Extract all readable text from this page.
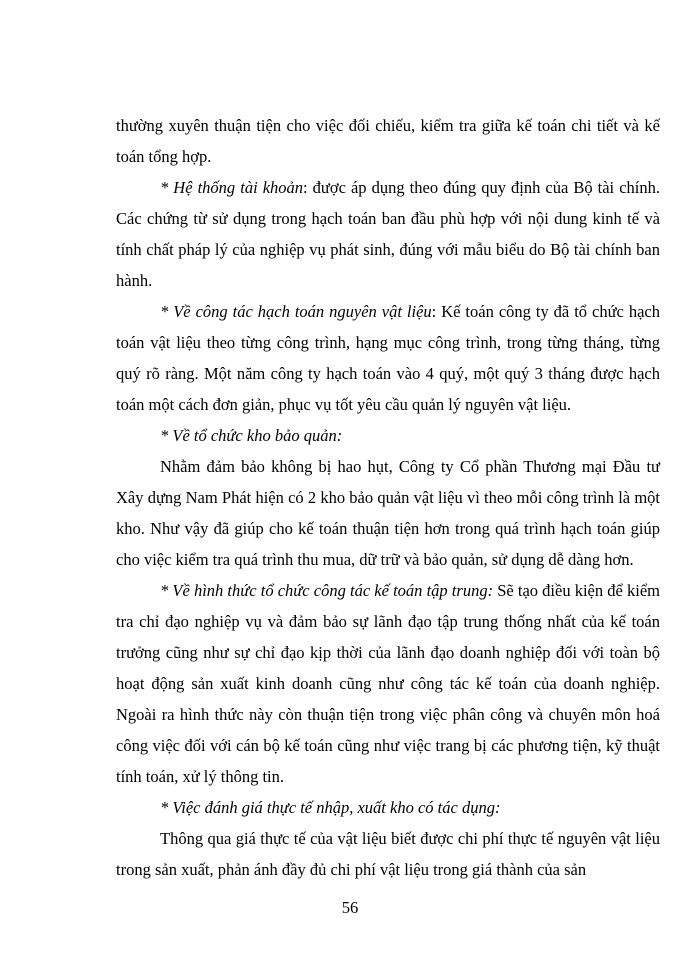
thường xuyên thuận tiện cho việc đối chiếu, kiểm tra giữa kế toán chi tiết và kế toán tổng hợp.

* Hệ thống tài khoản: được áp dụng theo đúng quy định của Bộ tài chính. Các chứng từ sử dụng trong hạch toán ban đầu phù hợp với nội dung kinh tế và tính chất pháp lý của nghiệp vụ phát sinh, đúng với mẫu biểu do Bộ tài chính ban hành.

* Về công tác hạch toán nguyên vật liệu: Kế toán công ty đã tổ chức hạch toán vật liệu theo từng công trình, hạng mục công trình, trong từng tháng, từng quý rõ ràng. Một năm công ty hạch toán vào 4 quý, một quý 3 tháng được hạch toán một cách đơn giản, phục vụ tốt yêu cầu quản lý nguyên vật liệu.

* Về tổ chức kho bảo quản:

Nhằm đảm bảo không bị hao hụt, Công ty Cổ phần Thương mại Đầu tư Xây dựng Nam Phát hiện có 2 kho bảo quản vật liệu vì theo mỗi công trình là một kho. Như vậy đã giúp cho kế toán thuận tiện hơn trong quá trình hạch toán giúp cho việc kiểm tra quá trình thu mua, dữ trữ và bảo quản, sử dụng dễ dàng hơn.

* Về hình thức tổ chức công tác kế toán tập trung: Sẽ tạo điều kiện để kiểm tra chỉ đạo nghiệp vụ và đảm bảo sự lãnh đạo tập trung thống nhất của kế toán trưởng cũng như sự chỉ đạo kịp thời của lãnh đạo doanh nghiệp đối với toàn bộ hoạt động sản xuất kinh doanh cũng như công tác kế toán của doanh nghiệp. Ngoài ra hình thức này còn thuận tiện trong việc phân công và chuyên môn hoá công việc đối với cán bộ kế toán cũng như việc trang bị các phương tiện, kỹ thuật tính toán, xử lý thông tin.

* Việc đánh giá thực tế nhập, xuất kho có tác dụng:

Thông qua giá thực tế của vật liệu biết được chi phí thực tế nguyên vật liệu trong sản xuất, phản ánh đầy đủ chi phí vật liệu trong giá thành của sản

56
